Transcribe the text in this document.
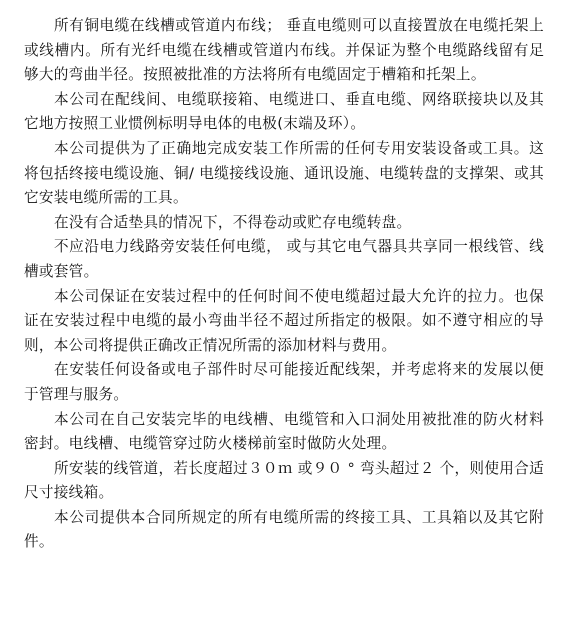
所有铜电缆在线槽或管道内布线； 垂直电缆则可以直接置放在电缆托架上或线槽内。所有光纤电缆在线槽或管道内布线。并保证为整个电缆路线留有足够大的弯曲半径。按照被批准的方法将所有电缆固定于槽箱和托架上。

本公司在配线间、电缆联接箱、电缆进口、垂直电缆、网络联接块以及其它地方按照工业惯例标明导电体的电极(末端及环）。

本公司提供为了正确地完成安装工作所需的任何专用安装设备或工具。这将包括终接电缆设施、铜/ 电缆接线设施、通讯设施、电缆转盘的支撑架、或其它安装电缆所需的工具。

在没有合适垫具的情况下，不得卷动或贮存电缆转盘。

不应沿电力线路旁安装任何电缆， 或与其它电气器具共享同一根线管、线槽或套管。

本公司保证在安装过程中的任何时间不使电缆超过最大允许的拉力。也保证在安装过程中电缆的最小弯曲半径不超过所指定的极限。如不遵守相应的导则，本公司将提供正确改正情况所需的添加材料与费用。

在安装任何设备或电子部件时尽可能接近配线架，并考虑将来的发展以便于管理与服务。

本公司在自己安装完毕的电线槽、电缆管和入口洞处用被批准的防火材料密封。电线槽、电缆管穿过防火楼梯前室时做防火处理。

所安装的线管道，若长度超过３０ｍ 或９０ ° 弯头超过２ 个，则使用合适尺寸接线箱。

本公司提供本合同所规定的所有电缆所需的终接工具、工具箱以及其它附件。
